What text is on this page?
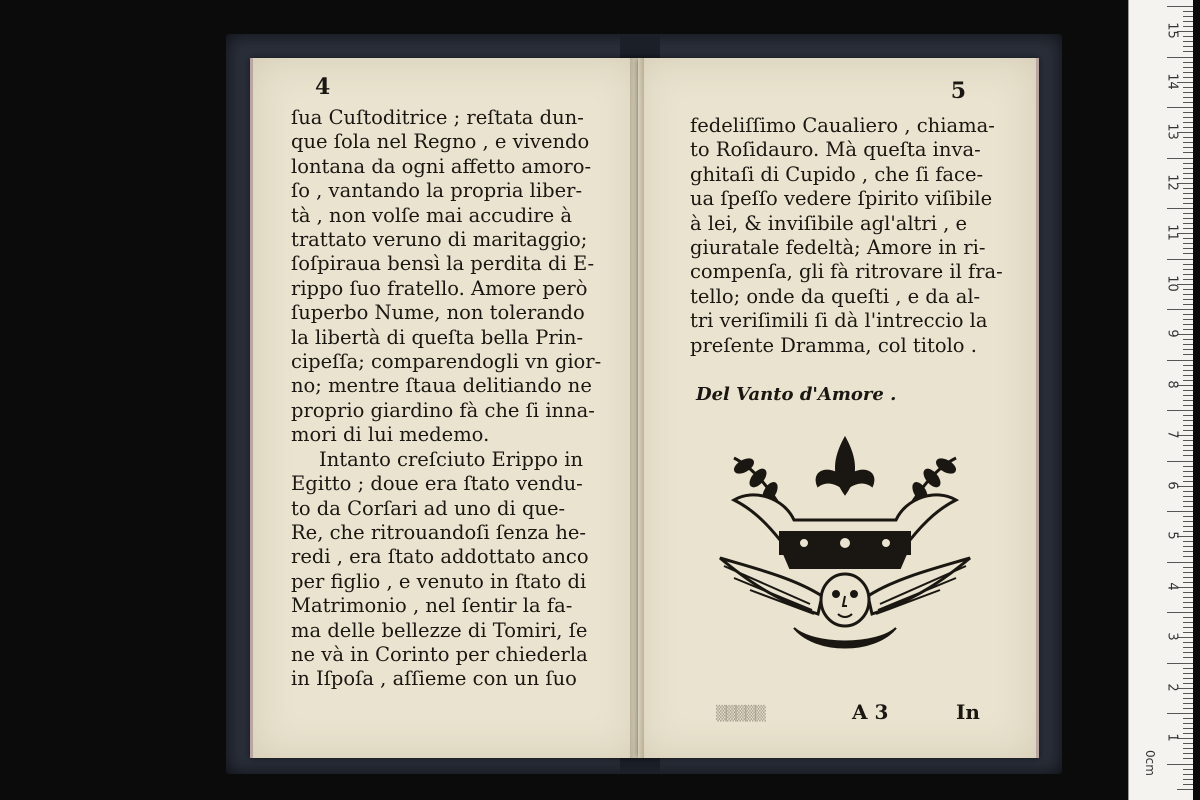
4
ſua Cuſtoditrice ; reſtata dun-
que ſola nel Regno , e vivendo
lontana da ogni affetto amoro-
ſo , vantando la propria liber-
tà , non volſe mai accudire à
trattato veruno di maritaggio;
ſoſpiraua bensì la perdita di E-
rippo ſuo fratello. Amore però
ſuperbo Nume, non tolerando
la libertà di queſta bella Prin-
cipeſſa; comparendogli vn gior-
no; mentre ſtaua delitiando ne
proprio giardino fà che ſi inna-
mori di lui medemo.
Intanto creſciuto Erippo in
Egitto ; doue era ſtato vendu-
to da Corſari ad uno di que-
Re, che ritrouandoſi ſenza he-
redi , era ſtato addottato anco
per figlio , e venuto in ſtato di
Matrimonio , nel ſentir la fa-
ma delle bellezze di Tomiri, ſe
ne và in Corinto per chiederla
in Iſpoſa , aſſieme con un ſuo
5
fedeliſſimo Caualiero , chiama-
to Roſidauro. Mà queſta inva-
ghitaſi di Cupido , che ſi face-
ua ſpeſſo vedere ſpirito viſibile
à lei, & inviſibile agl'altri , e
giuratale fedeltà; Amore in ri-
compenſa, gli fà ritrovare il fra-
tello; onde da queſti , e da al-
tri veriſimili ſi dà l'intreccio la
preſente Dramma, col titolo .
Del Vanto d'Amore .
▒▒▒▒▒	A 3	In
0cm
15
14
13
12
11
10
9
8
7
6
5
4
3
2
1
